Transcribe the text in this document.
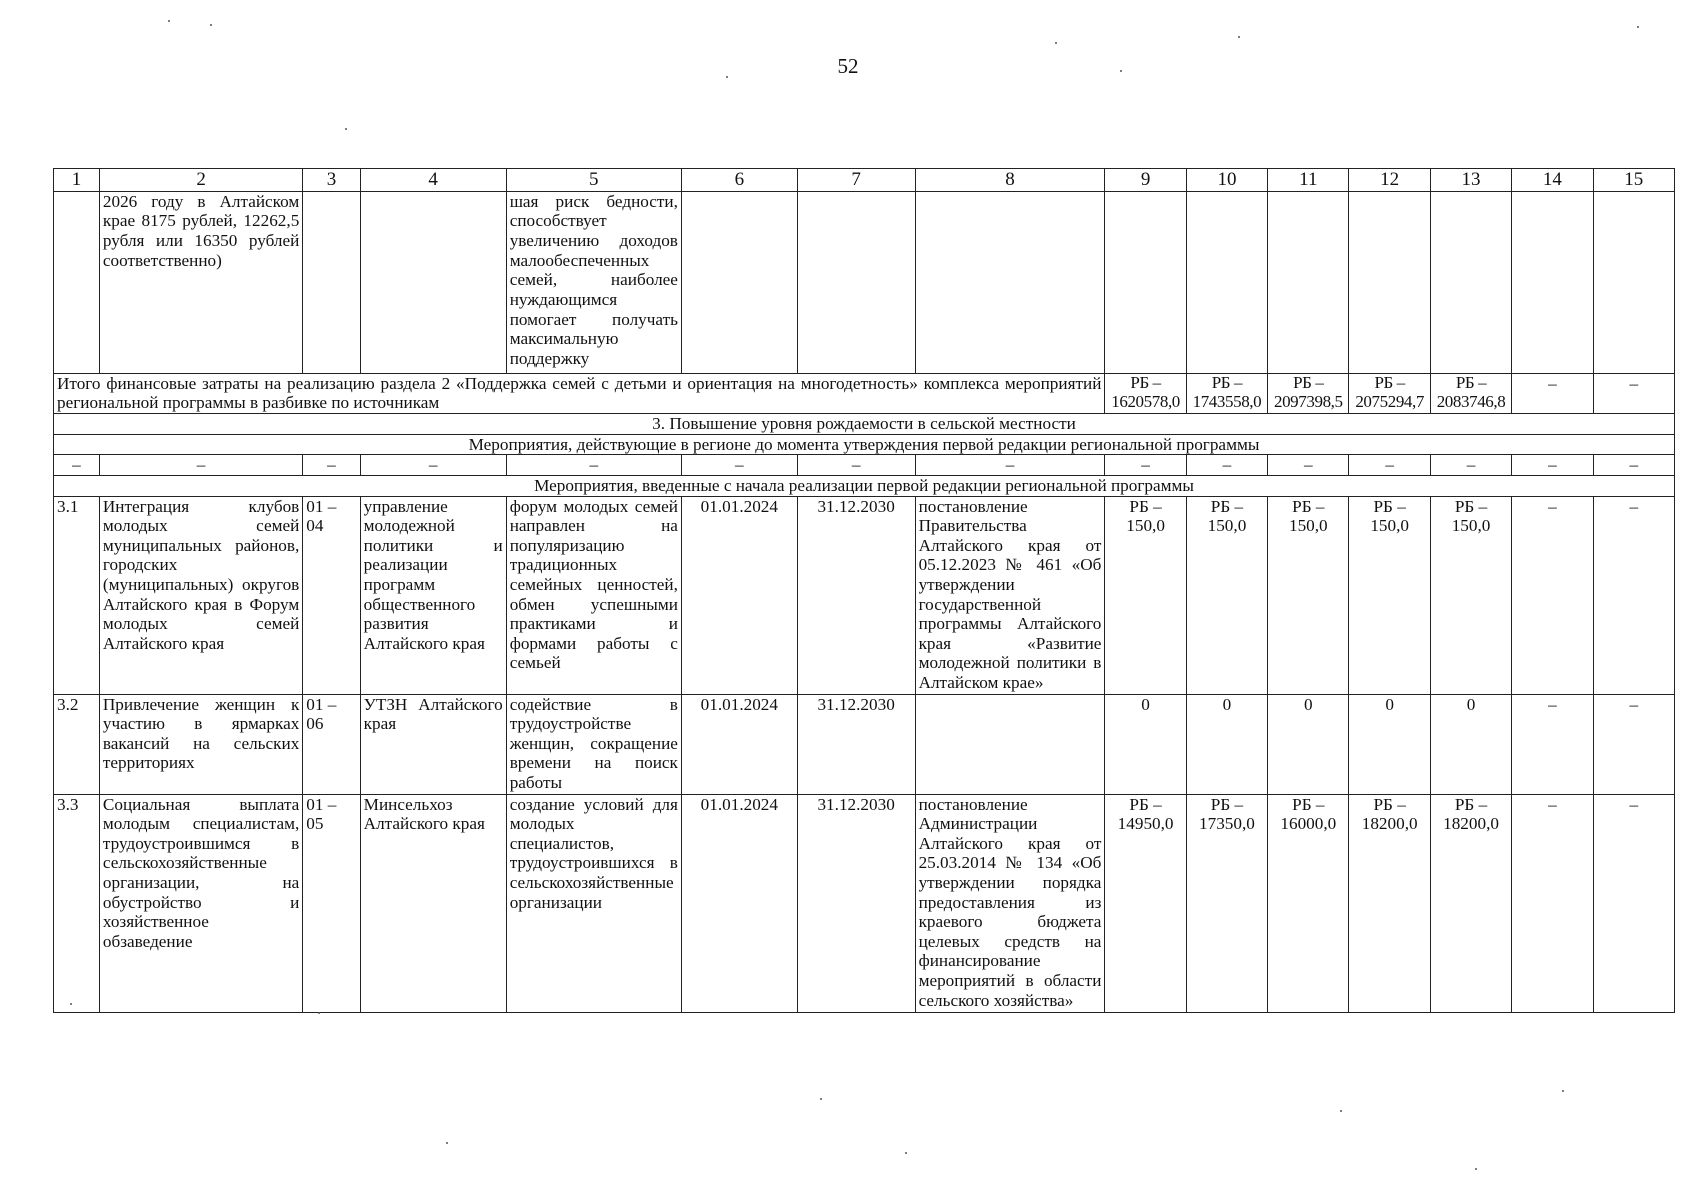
52
1	2	3	4	5	6	7	8	9	10	11	12	13	14	15
	2026 году в Алтайском крае 8175 рублей, 12262,5 рубля или 16350 рублей соответственно)			шая риск бедности, способствует увеличению доходов малообеспеченных семей, наиболее нуждающимся помогает получать максимальную поддержку										
Итого финансовые затраты на реализацию раздела 2 «Поддержка семей с детьми и ориентация на многодетность» комплекса мероприятий региональной программы в разбивке по источникам								РБ – 1620578,0	РБ – 1743558,0	РБ – 2097398,5	РБ – 2075294,7	РБ – 2083746,8	–	–
3. Повышение уровня рождаемости в сельской местности														
Мероприятия, действующие в регионе до момента утверждения первой редакции региональной программы														
–	–	–	–	–	–	–	–	–	–	–	–	–	–	–
Мероприятия, введенные с начала реализации первой редакции региональной программы														
3.1	Интеграция клубов молодых семей муниципальных районов, городских (муниципальных) округов Алтайского края в Форум молодых семей Алтайского края	01 – 04	управление молодежной политики и реализации программ общественного развития Алтайского края	форум молодых семей направлен на популяризацию традиционных семейных ценностей, обмен успешными практиками и формами работы с семьей	01.01.2024	31.12.2030	постановление Правительства Алтайского края от 05.12.2023 № 461 «Об утверждении государственной программы Алтайского края «Развитие молодежной политики в Алтайском крае»	РБ – 150,0	РБ – 150,0	РБ – 150,0	РБ – 150,0	РБ – 150,0	–	–
3.2	Привлечение женщин к участию в ярмарках вакансий на сельских территориях	01 – 06	УТЗН Алтайского края	содействие в трудоустройстве женщин, сокращение времени на поиск работы	01.01.2024	31.12.2030		0	0	0	0	0	–	–
3.3	Социальная выплата молодым специалистам, трудоустроившимся в сельскохозяйственные организации, на обустройство и хозяйственное обзаведение	01 – 05	Минсельхоз Алтайского края	создание условий для молодых специалистов, трудоустроившихся в сельскохозяйственные организации	01.01.2024	31.12.2030	постановление Администрации Алтайского края от 25.03.2014 № 134 «Об утверждении порядка предоставления из краевого бюджета целевых средств на финансирование мероприятий в области сельского хозяйства»	РБ – 14950,0	РБ – 17350,0	РБ – 16000,0	РБ – 18200,0	РБ – 18200,0	–	–
